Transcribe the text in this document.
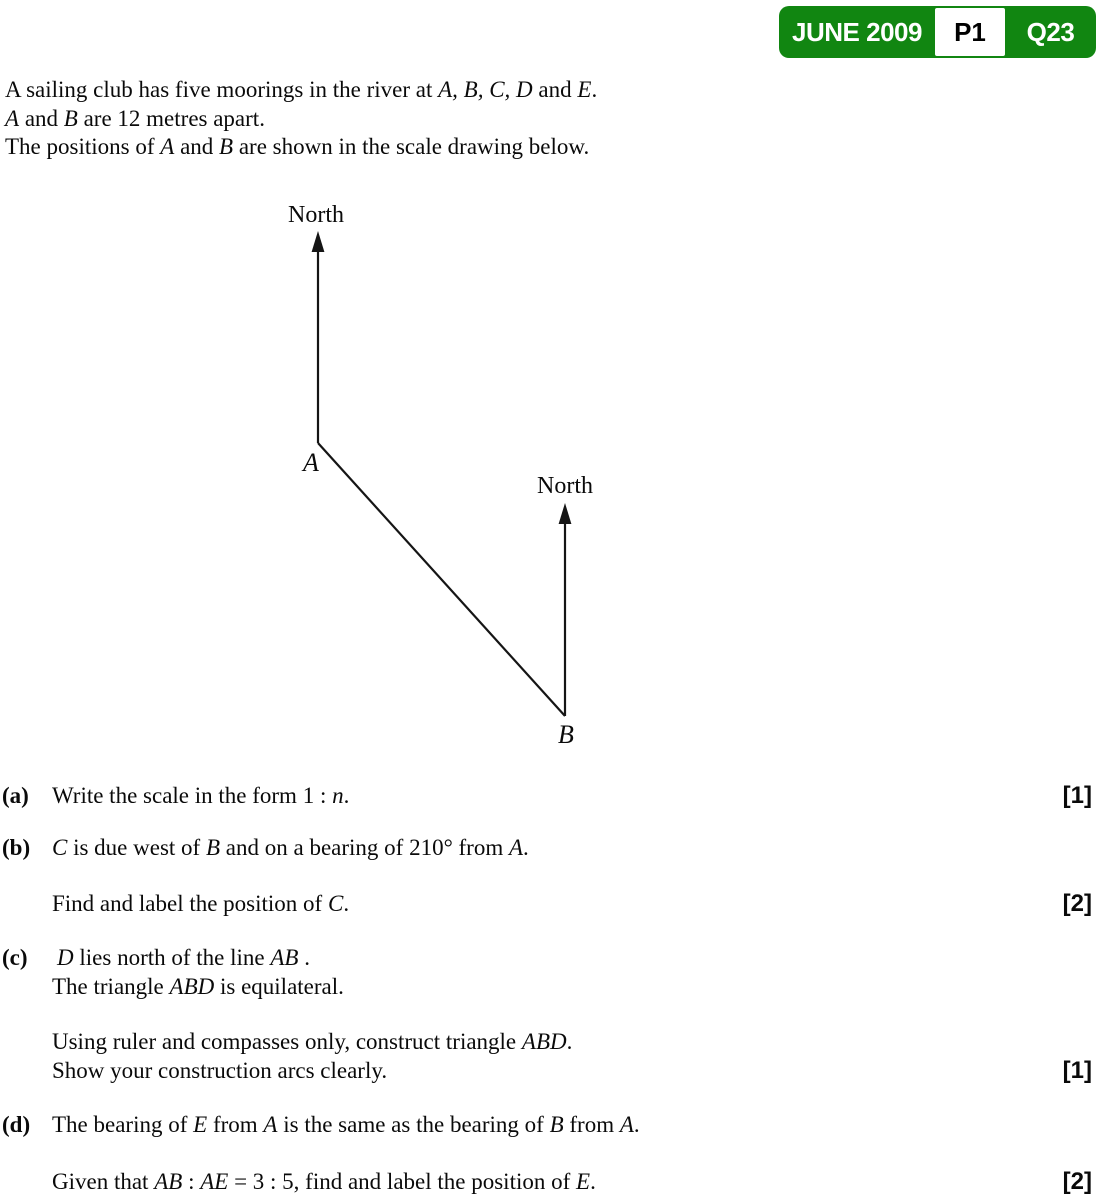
JUNE 2009	P1	Q23
A sailing club has five moorings in the river at A, B, C, D and E.
A and B are 12 metres apart.
The positions of A and B are shown in the scale drawing below.
North
A
North
B
(a)	Write the scale in the form 1 : n.	[1]
(b) C is due west of B and on a bearing of 210° from A.
Find and label the position of C.	[2]
(c)	D lies north of the line AB .
The triangle ABD is equilateral.
Using ruler and compasses only, construct triangle ABD.
Show your construction arcs clearly.	[1]
(d) The bearing of E from A is the same as the bearing of B from A.
Given that AB : AE = 3 : 5, find and label the position of E.	[2]
